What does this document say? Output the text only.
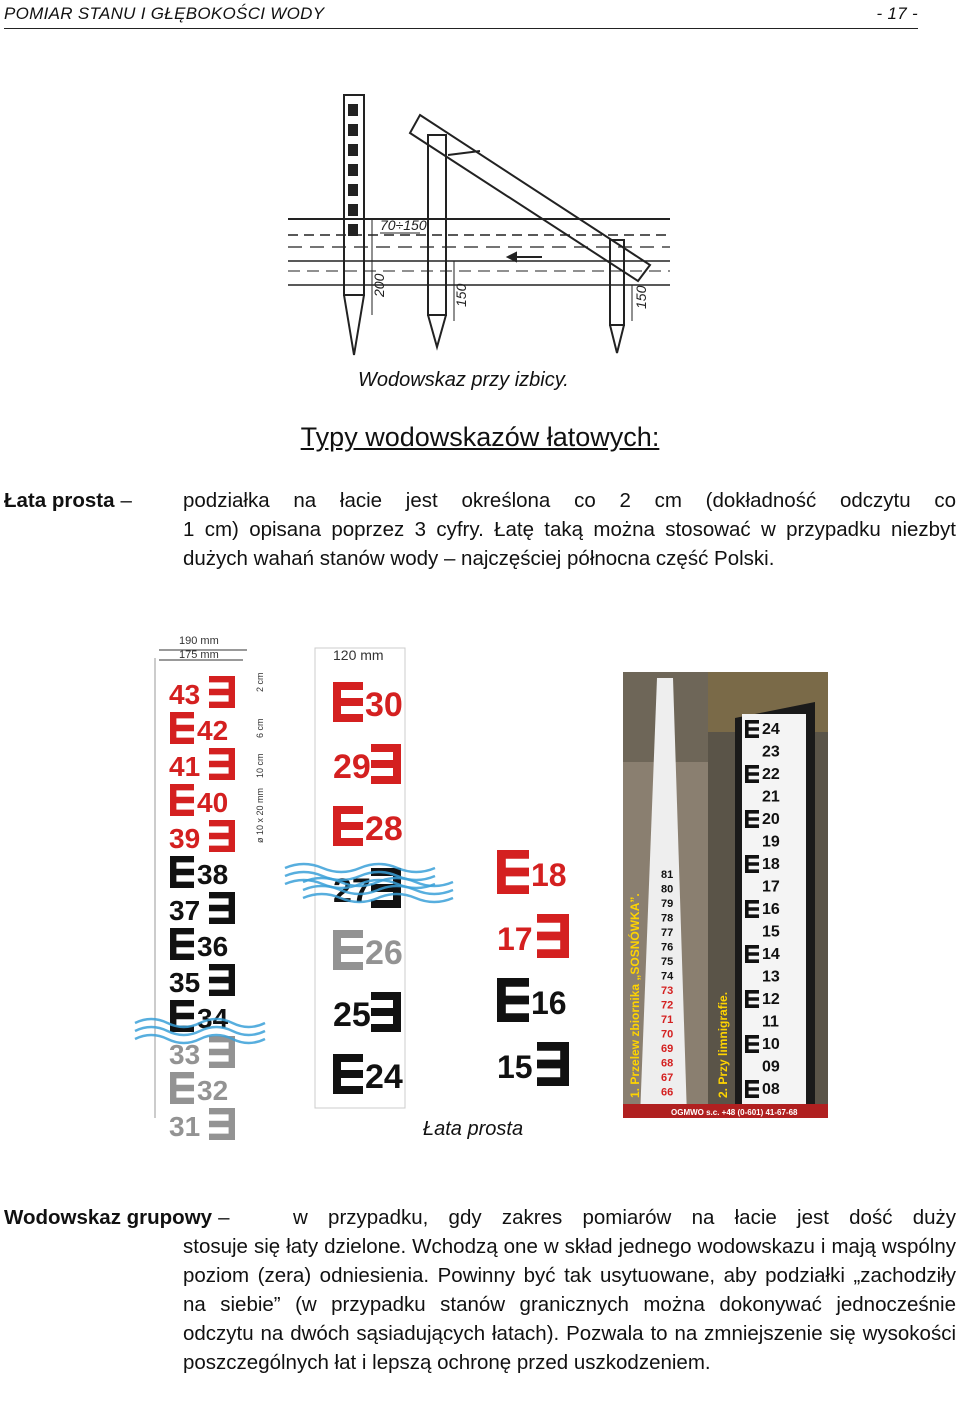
POMIAR STANU I GŁĘBOKOŚCI WODY	- 17 -
70÷150
200	150	150
Wodowskaz przy izbicy.
Typy wodowskazów łatowych:
Łata prosta – podziałka na łacie jest określona co 2 cm (dokładność odczytu co
1 cm) opisana poprzez 3 cyfry. Łatę taką można stosować w przypadku niezbyt dużych wahań stanów wody – najczęściej północna część Polski.
43
42
41
40
39
38
37
36
35
34
33
32
31
190 mm
175 mm
2 cm
6 cm
10 cm
ø 10 x 20 mm
120 mm
30
29
28
27
26
25
24
18
17
16
15
81
80
79
78
77
76
75
74
73
72
71
70
69
68
67
66
1. Przelew zbiornika „SOSNÓWKA”.
24
23
22
21
20
19
18
17
16
15
14
13
12
11
10
09
08
2. Przy limnigrafie.
OGMWO s.c. +48 (0-601) 41-67-68
Łata prosta
Wodowskaz grupowy –	w przypadku, gdy zakres pomiarów na łacie jest dość duży
stosuje się łaty dzielone. Wchodzą one w skład jednego wodowskazu i mają wspólny poziom (zera) odniesienia. Powinny być tak usytuowane, aby podziałki „zachodziły na siebie” (w przypadku stanów granicznych można dokonywać jednocześnie odczytu na dwóch sąsiadujących łatach). Pozwala to na zmniejszenie się wysokości poszczególnych łat i lepszą ochronę przed uszkodzeniem.
